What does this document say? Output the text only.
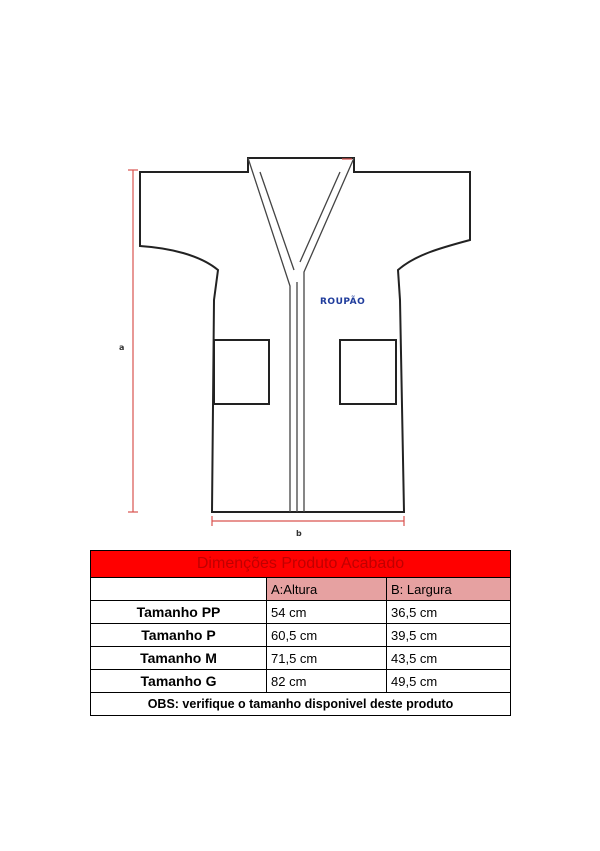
ROUPÃO
a
b
Dimenções Produto Acabado		
	A:Altura	B: Largura
Tamanho PP	54 cm	36,5 cm
Tamanho P	60,5 cm	39,5 cm
Tamanho M	71,5 cm	43,5 cm
Tamanho G	82 cm	49,5 cm
OBS: verifique o tamanho disponivel deste produto		
